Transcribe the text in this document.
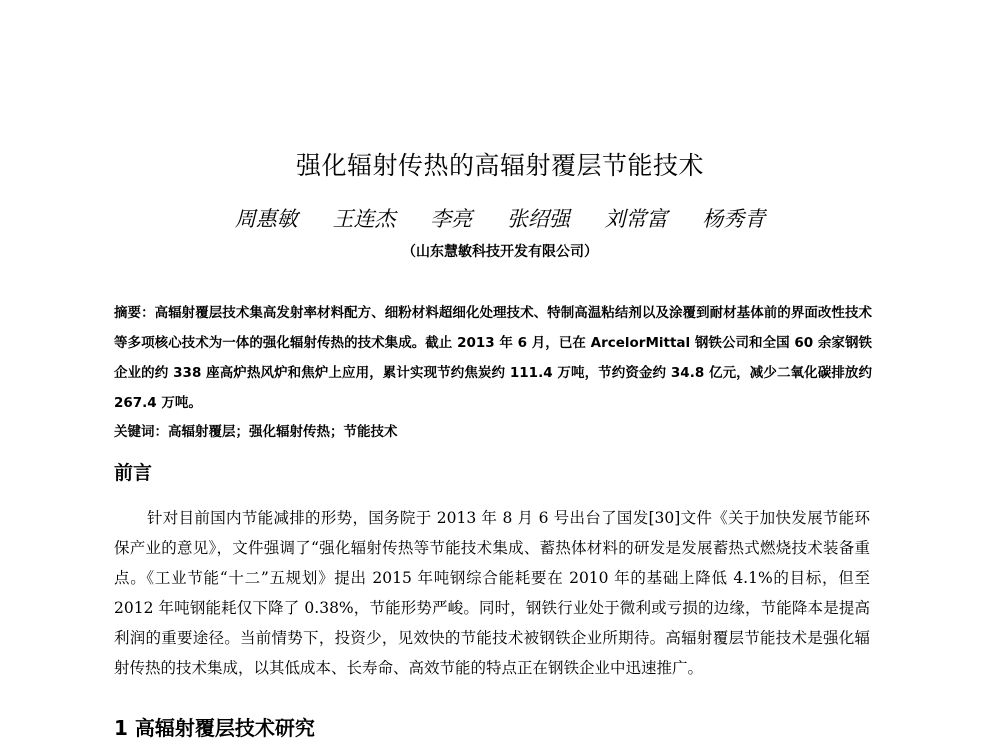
强化辐射传热的高辐射覆层节能技术
周惠敏 王连杰 李亮 张绍强 刘常富 杨秀青
（山东慧敏科技开发有限公司）
摘要：高辐射覆层技术集高发射率材料配方、细粉材料超细化处理技术、特制高温粘结剂以及涂覆到耐材基体前的界面改性技术等多项核心技术为一体的强化辐射传热的技术集成。截止 2013 年 6 月，已在 ArcelorMittal 钢铁公司和全国 60 余家钢铁企业的约 338 座高炉热风炉和焦炉上应用，累计实现节约焦炭约 111.4 万吨，节约资金约 34.8 亿元，减少二氧化碳排放约 267.4 万吨。
关键词：高辐射覆层；强化辐射传热；节能技术
前言
针对目前国内节能减排的形势，国务院于 2013 年 8 月 6 号出台了国发[30]文件《关于加快发展节能环保产业的意见》，文件强调了“强化辐射传热等节能技术集成、蓄热体材料的研发是发展蓄热式燃烧技术装备重点。《工业节能“十二”五规划》提出 2015 年吨钢综合能耗要在 2010 年的基础上降低 4.1%的目标，但至 2012 年吨钢能耗仅下降了 0.38%，节能形势严峻。同时，钢铁行业处于微利或亏损的边缘，节能降本是提高利润的重要途径。当前情势下，投资少，见效快的节能技术被钢铁企业所期待。高辐射覆层节能技术是强化辐射传热的技术集成，以其低成本、长寿命、高效节能的特点正在钢铁企业中迅速推广。
1 高辐射覆层技术研究
